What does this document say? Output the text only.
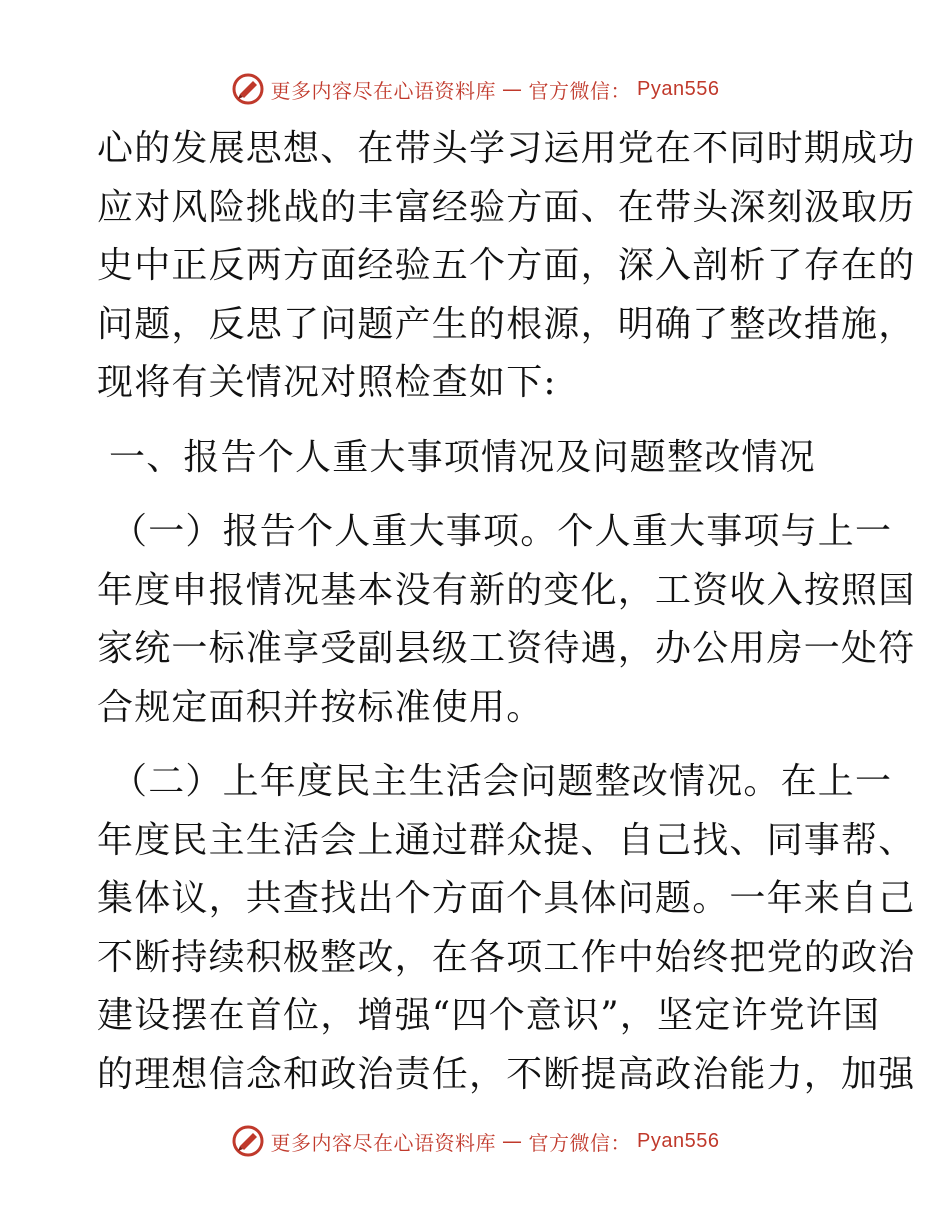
更多内容尽在心语资料库 — 官方微信： Pyan556
心的发展思想、在带头学习运用党在不同时期成功
应对风险挑战的丰富经验方面、在带头深刻汲取历
史中正反两方面经验五个方面，深入剖析了存在的
问题，反思了问题产生的根源，明确了整改措施，
现将有关情况对照检查如下:
一、报告个人重大事项情况及问题整改情况
（一）报告个人重大事项。个人重大事项与上一
年度申报情况基本没有新的变化，工资收入按照国
家统一标准享受副县级工资待遇，办公用房一处符
合规定面积并按标准使用。
（二）上年度民主生活会问题整改情况。在上一
年度民主生活会上通过群众提、自己找、同事帮、
集体议，共查找出个方面个具体问题。一年来自己
不断持续积极整改，在各项工作中始终把党的政治
建设摆在首位，增强“四个意识”，坚定许党许国
的理想信念和政治责任，不断提高政治能力，加强
更多内容尽在心语资料库 — 官方微信： Pyan556
